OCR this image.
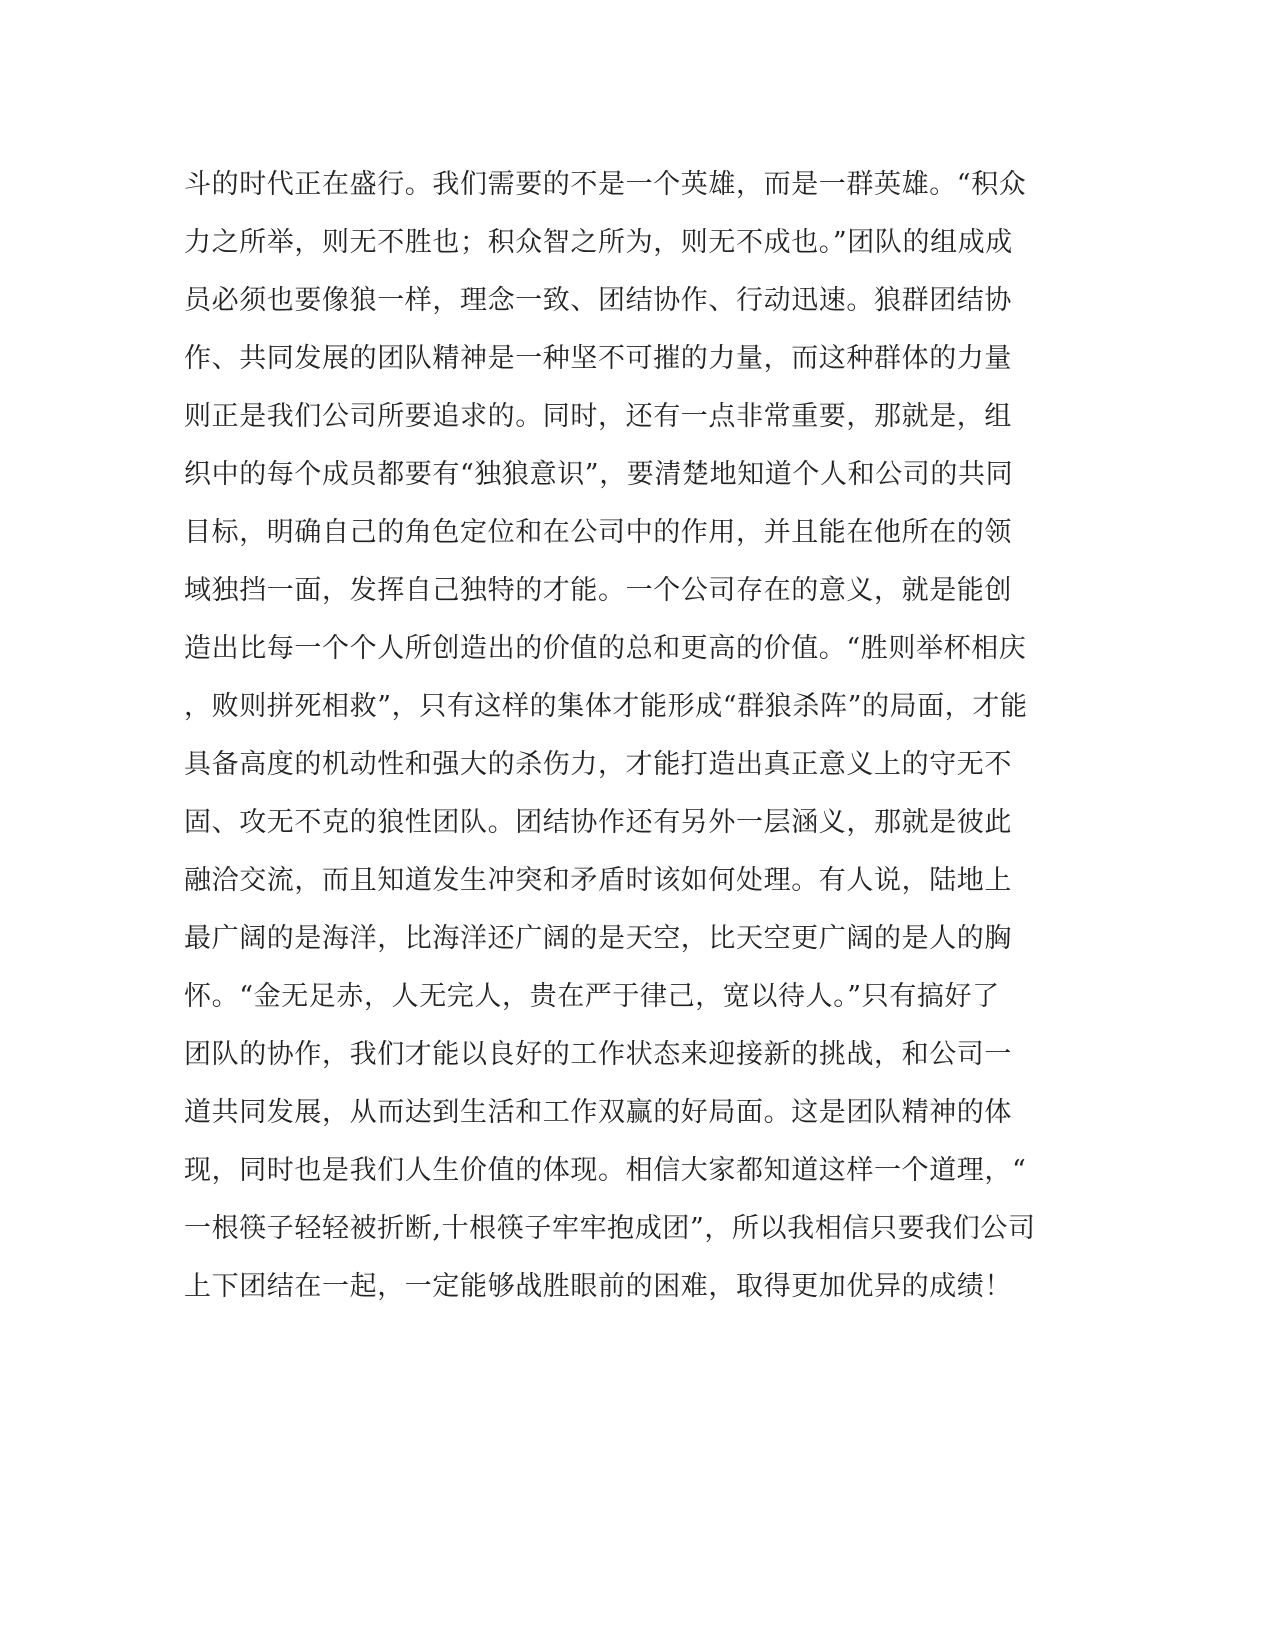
斗的时代正在盛行。我们需要的不是一个英雄，而是一群英雄。“积众
力之所举，则无不胜也；积众智之所为，则无不成也。”团队的组成成
员必须也要像狼一样，理念一致、团结协作、行动迅速。狼群团结协
作、共同发展的团队精神是一种坚不可摧的力量，而这种群体的力量
则正是我们公司所要追求的。同时，还有一点非常重要，那就是，组
织中的每个成员都要有“独狼意识”，要清楚地知道个人和公司的共同
目标，明确自己的角色定位和在公司中的作用，并且能在他所在的领
域独挡一面，发挥自己独特的才能。一个公司存在的意义，就是能创
造出比每一个个人所创造出的价值的总和更高的价值。“胜则举杯相庆
，败则拼死相救”，只有这样的集体才能形成“群狼杀阵”的局面，才能
具备高度的机动性和强大的杀伤力，才能打造出真正意义上的守无不
固、攻无不克的狼性团队。团结协作还有另外一层涵义，那就是彼此
融洽交流，而且知道发生冲突和矛盾时该如何处理。有人说，陆地上
最广阔的是海洋，比海洋还广阔的是天空，比天空更广阔的是人的胸
怀。“金无足赤，人无完人，贵在严于律己，宽以待人。”只有搞好了
团队的协作，我们才能以良好的工作状态来迎接新的挑战，和公司一
道共同发展，从而达到生活和工作双赢的好局面。这是团队精神的体
现，同时也是我们人生价值的体现。相信大家都知道这样一个道理，“
一根筷子轻轻被折断,十根筷子牢牢抱成团”，所以我相信只要我们公司
上下团结在一起，一定能够战胜眼前的困难，取得更加优异的成绩！
